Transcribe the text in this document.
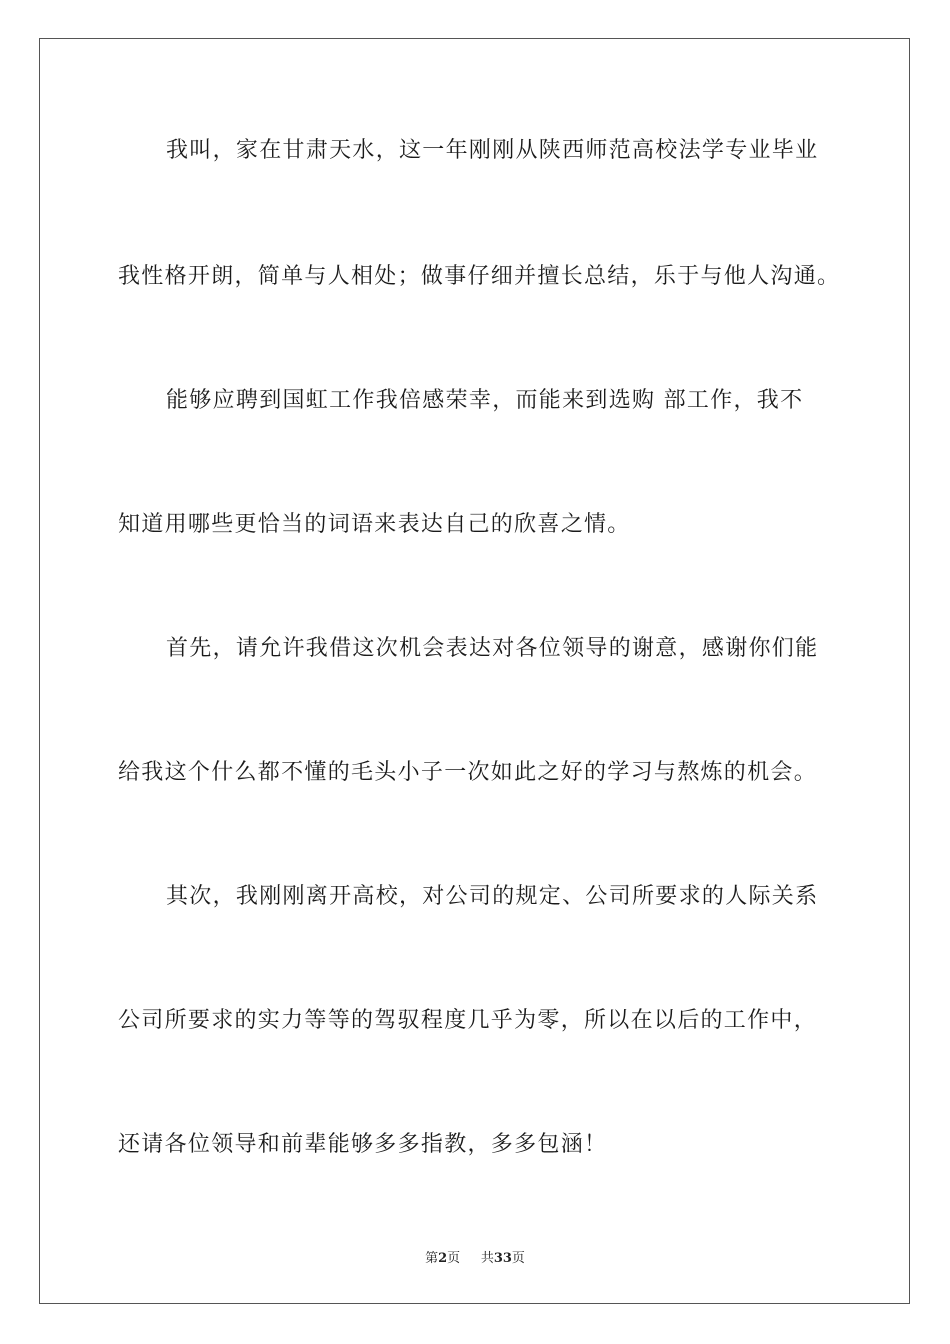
我叫，家在甘肃天水，这一年刚刚从陕西师范高校法学专业毕业
我性格开朗，简单与人相处；做事仔细并擅长总结，乐于与他人沟通。
能够应聘到国虹工作我倍感荣幸，而能来到选购 部工作，我不
知道用哪些更恰当的词语来表达自己的欣喜之情。
首先，请允许我借这次机会表达对各位领导的谢意，感谢你们能
给我这个什么都不懂的毛头小子一次如此之好的学习与熬炼的机会。
其次，我刚刚离开高校，对公司的规定、公司所要求的人际关系
公司所要求的实力等等的驾驭程度几乎为零，所以在以后的工作中，
还请各位领导和前辈能够多多指教，多多包涵！
第2页 共33页
